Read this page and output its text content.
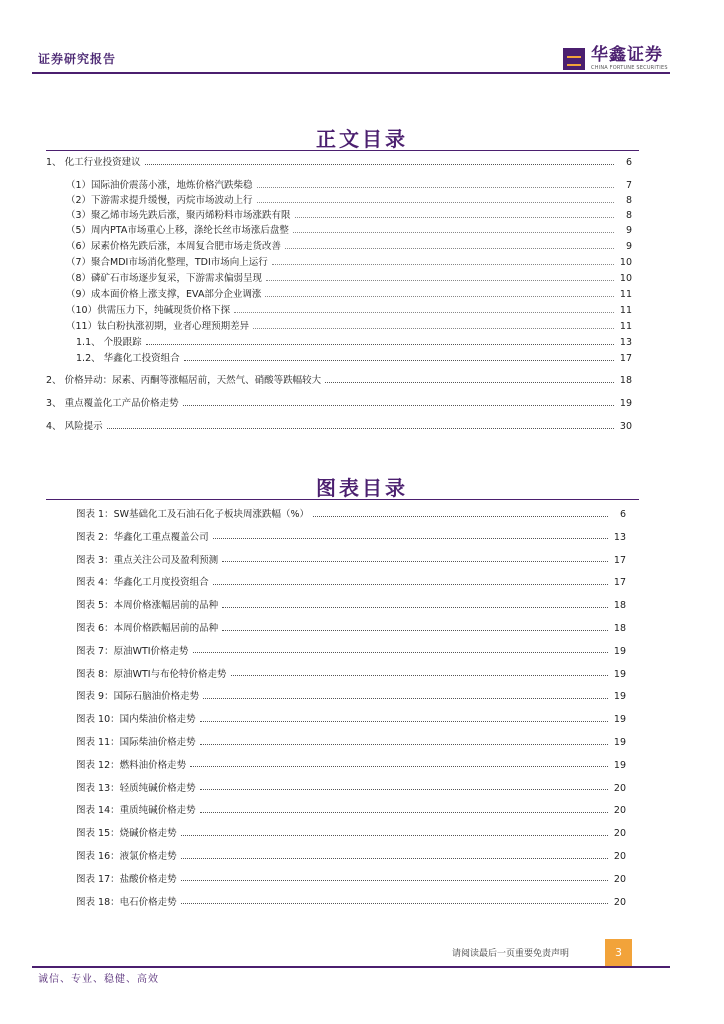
证券研究报告	华鑫证券
CHINA FORTUNE SECURITIES
正文目录
1、 化工行业投资建议	6
（1）国际油价震荡小涨，地炼价格汽跌柴稳	7
（2）下游需求提升缓慢，丙烷市场波动上行	8
（3）聚乙烯市场先跌后涨，聚丙烯粉料市场涨跌有限	8
（5）周内PTA市场重心上移，涤纶长丝市场涨后盘整	9
（6）尿素价格先跌后涨，本周复合肥市场走货改善	9
（7）聚合MDI市场消化整理，TDI市场向上运行	10
（8）磷矿石市场逐步复采，下游需求偏弱呈现	10
（9）成本面价格上涨支撑，EVA部分企业调涨	11
（10）供需压力下，纯碱现货价格下探	11
（11）钛白粉执涨初期，业者心理预期差异	11
1.1、 个股跟踪	13
1.2、 华鑫化工投资组合	17
2、 价格异动：尿素、丙酮等涨幅居前，天然气、硝酸等跌幅较大	18
3、 重点覆盖化工产品价格走势	19
4、 风险提示	30
图表目录
图表 1：SW基础化工及石油石化子板块周涨跌幅（%）	6
图表 2：华鑫化工重点覆盖公司	13
图表 3：重点关注公司及盈利预测	17
图表 4：华鑫化工月度投资组合	17
图表 5：本周价格涨幅居前的品种	18
图表 6：本周价格跌幅居前的品种	18
图表 7：原油WTI价格走势	19
图表 8：原油WTI与布伦特价格走势	19
图表 9：国际石脑油价格走势	19
图表 10：国内柴油价格走势	19
图表 11：国际柴油价格走势	19
图表 12：燃料油价格走势	19
图表 13：轻质纯碱价格走势	20
图表 14：重质纯碱价格走势	20
图表 15：烧碱价格走势	20
图表 16：液氯价格走势	20
图表 17：盐酸价格走势	20
图表 18：电石价格走势	20
请阅读最后一页重要免责声明	3
诚信、专业、稳健、高效
